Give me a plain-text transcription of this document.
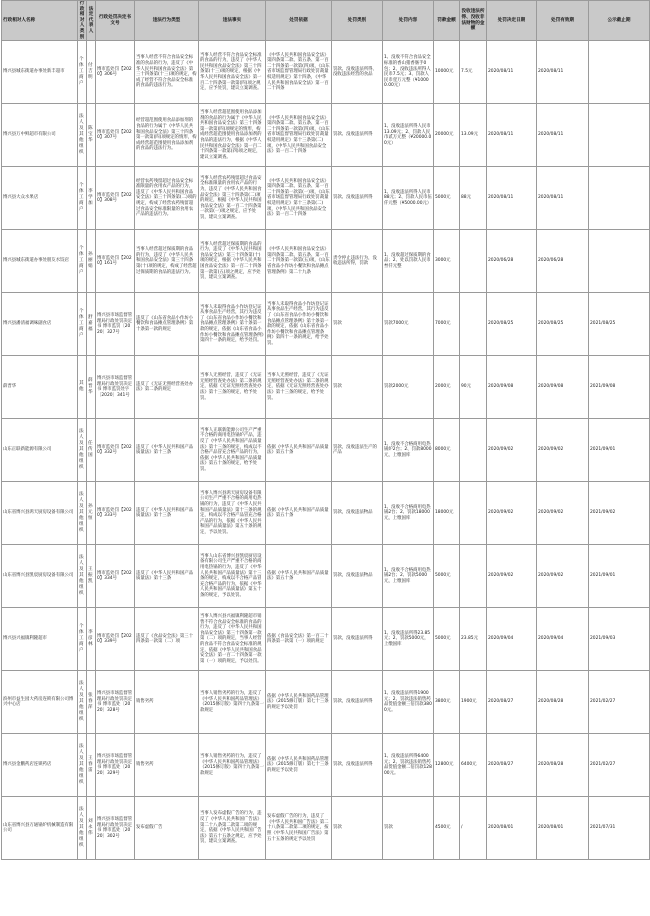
行政相对人名称	行政相对人类别	法定代表人	行政处罚决定书文号	违法行为类型	违法事实	处罚依据	处罚类别	处罚内容	罚款金额	没收违法所得、没收非法财物的金额	处罚决定日期	处罚有效期	公示截止期
博兴县城东街道办事处新丰超市	个体工商户	付吉明	博市监处罚【2020】306号	当事人经营不符合食品安全标准的食品的行为，违反了《中华人民共和国食品安全法》第三十四条第(十三)项的规定，构成了经营不符合食品安全标准的食品的违法行为。	当事人经营不符合食品安全标准的食品的行为，违反了《中华人民共和国食品安全法》第三十四条第(十三)项的规定，根据《中华人民共和国食品安全法》第一百二十四条第一款第(四)项之规定，应予处罚，建议立案调查。	《中华人民共和国食品安全法》第四条第二款、第五条、第一百二十四条第一款第(四)项，《山东省市场监督管理局行政处罚裁量权适用规定》第十四条，《中华人民共和国食品安全法》第一百二十四条	罚款、没收违法所得、没收违法经营的食品	1、没收不符合食品安全标准的香山猪香肠手0包；2、没收违法所得人民币7.5元；3、罚款人民币壹万元整（¥10000.00元）	10000元	7.5元	2020/08/11	2020/08/11	
博兴县万中鲜超市有限公司	法人及其他组织	陈宝华	博市监处罚【2020】307号	经营超范围使用食品添加剂的食品的行为属于《中华人民共和国食品安全法》第三十四条第一款第(四)项规定的情形，构成经营超范围使用食品添加剂的食品的违法行为。	当事人经营超范围使用食品添加剂的食品的行为属于《中华人民共和国食品安全法》第三十四条第一款第(四)项规定的情形，构成经营超范围使用食品添加剂的食品的违法行为，根据《中华人民共和国食品安全法》第一百二十四条第一款第(四)项之规定，建议立案调查。	《中华人民共和国食品安全法》第四条第二款、第五条、第一百二十四条第一款第(四)项，《山东省市场监督管理局行政处罚裁量权适用规定》第十三条第(二)项，《中华人民共和国食品安全法》第一百二十四条	罚款、没收违法所得	1、没收违法所得人民币13.09元；2、罚款人民币贰万元整（¥20000.00元）	20000元	13.09元	2020/08/11	2020/08/11	
博兴县大众水果店	个体工商户	李学加	博市监处罚【2020】308号	经营农药残留超过食品安全标准限量的食用农产品的行为，违反了《中华人民共和国食品安全法》第三十四条第(二)项的规定，构成了经营农药残留超过食品安全标准限量的食用农产品的违法行为。	当事人经营农药残留超过食品安全标准限量的食用农产品的行为，违反了《中华人民共和国食品安全法》第三十四条第(二)项的规定，根据《中华人民共和国食品安全法》第一百二十四条第一款第(一)项之规定，应予处罚，建议立案调查。	《中华人民共和国食品安全法》第四条第二款、第五条、第一百二十四条第一款第(一)项，《山东省市场监督管理局行政处罚裁量权适用规定》第十三条第(二)项，《中华人民共和国食品安全法》第一百二十四条	罚款、没收违法所得	1、没收违法所得人民币88元；2、罚款人民币伍仟元整（¥5000.00元）	5000元	88元	2020/08/11	2020/08/11	
博兴县城东街道办事处朋友水饺店	个体工商户	孙丽娟	博市监处罚【2020】161号	当事人经营超过保质期的食品的行为，违反了《中华人民共和国食品安全法》第三十四条第(十)项的规定，构成了经营超过保质期的食品的违法行为。	当事人经营超过保质期的食品的行为，违反了《中华人民共和国食品安全法》第三十四条第(十)项的规定，根据《中华人民共和国食品安全法》第一百二十四条第一款第(五)项之规定，应予处罚，建议立案调查。	《中华人民共和国食品安全法》第四条第二款、第五条、第一百二十四条第一款第(五)项，《山东省食品小作坊小餐饮和食品摊点管理条例》第二十九条	责令停止违法行为，没收违法所得，罚款	1、没收超过保质期的食品；2、处以罚款人民币叁仟元整	3000元		2020/06/28	2020/06/28	
博兴县潘清福调味副食店	个体工商户	舒嘉福	博兴县市场监督管理局行政处罚决定书 博市监罚〔2020〕327号	违反了《山东省食品小作坊小餐饮和食品摊点管理条例》第十条第一款的规定	当事人未取得食品小作坊登记证从事食品生产经营，其行为违反了《山东省食品小作坊小餐饮和食品摊点管理条例》第十条第一款的规定，依据《山东省食品小作坊小餐饮和食品摊点管理条例》第四十一条的规定，给予处罚。	当事人未取得食品小作坊登记证从事食品生产经营，其行为违反了《山东省食品小作坊小餐饮和食品摊点管理条例》第十条第一款的规定，依据《山东省食品小作坊小餐饮和食品摊点管理条例》第四十一条的规定，给予处罚。	罚款	罚款7000元	7000元		2020/08/25	2020/08/25	2021/08/25
薛晋华	其他	薛晋华	博兴县市场监督管理局行政处罚决定书 博市监罚处字〔2020〕341号	违反了《无证无照经营查处办法》第二条的规定	当事人无照经营，违反了《无证无照经营查处办法》第二条的规定，依据《无证无照经营查处办法》第十三条的规定，给予处罚。	当事人无照经营，违反了《无证无照经营查处办法》第二条的规定，依据《无证无照经营查处办法》第十三条的规定，给予处罚。	罚款	罚款2000元	2000元	90元	2020/09/08	2020/09/08	2021/09/08
山东正联新能源有限公司	法人及其他组织	任传国	博市监处罚【2020】332号	违反了《中华人民共和国产品质量法》第十三条	当事人正联新能源公司生产严重不合格的商用电热锅炉产品，违反了《中华人民共和国产品质量法》第十三条的规定，构成以不合格产品冒充合格产品的行为，依据《中华人民共和国产品质量法》第五十条的规定，给予处罚。	依据《中华人民共和国产品质量法》第五十条	罚款，没收违法生产的产品	1、没收不合格商用电热锅炉2台；2、罚款8000元，上缴国库	8000元		2020/09/02	2020/09/02	2021/09/01
山东省博兴县鸿天厨房设备有限公司	法人及其他组织	孙元恒	博市监处罚【2020】333号	违反了《中华人民共和国产品质量法》第十三条	当事人博兴县鸿天厨房设备有限公司生产严重不合格的商用电热锅的行为，违反了《中华人民共和国产品质量法》第十三条的规定，构成以不合格产品冒充合格产品的行为，依据《中华人民共和国产品质量法》第五十条的规定，予以处罚。	依据《中华人民共和国产品质量法》第五十条	罚款，没收违法物品	1、没收不合格商用电热锅2台；2、罚款18000元，上缴国库	18000元		2020/09/02	2020/09/02	2021/09/02
山东省博兴县凯宸厨房设备有限公司	法人及其他组织	王振凯	博市监处罚【2020】334号	违反了《中华人民共和国产品质量法》第十三条	当事人山东省博兴县凯宸厨房设备有限公司生产严重不合格的商用电热锅的行为，违反了《中华人民共和国产品质量法》第十三条的规定，构成以不合格产品冒充合格产品的行为，依据《中华人民共和国产品质量法》第五十条的规定，予以处罚。	依据《中华人民共和国产品质量法》第五十条	罚款，没收违法物品	1、没收不合格商用电热锅2台；2、罚款5000元，上缴国库	5000元		2020/09/02	2020/09/02	2021/09/01
博兴县兴福镇利隆超市	个体工商户	李彦林	博市监处罚【2020】339号	违反了《食品安全法》第三十四条第一款第（二）项	当事人博兴县兴福镇利隆超市销售不符合食品安全标准的食品的行为，违反了《中华人民共和国食品安全法》第三十四条第一款第（二）项的规定，当事人经营的食品不符合食品安全标准的规定，依据《中华人民共和国食品安全法》第一百二十四条第一款第（一）项的规定，予以处罚。	依据《食品安全法》第一百二十四条第一款第（一）项的规定	罚款，没收违法所得	1、没收违法所得23.85元；2、罚款5000元，上缴国库	5000元	23.85元	2020/09/04	2020/09/04	2021/09/03
滨州市益生园大药房连锁有限公司博兴中心店	法人及其他组织	张春萍	博兴县市场监督管理局行政处罚决定书 博市监处〔2020〕328号	销售劣药	当事人销售劣药的行为，违反了《中华人民共和国药品管理法》（2015修订版）第四十九条第一款规定	依据《中华人民共和国药品管理法》（2015修订版）第七十三条的规定予以处罚	罚款，没收违法所得	1、没收违法所得1900元；2、罚款违法销售药品货值金额三倍罚款3800元。	3800元	1900元	2020/08/27	2020/08/28	2021/02/27
博兴县金鹏药店连锁药店	法人及其他组织	王春雷	博兴县市场监督管理局行政处罚决定书 博市监处〔2020〕329号	销售劣药	当事人销售劣药的行为，违反了《中华人民共和国药品管理法》（2015修订版）第四十九条第一款规定	依据《中华人民共和国药品管理法》（2015修订版）第七十三条的规定予以处罚	罚款，没收违法所得	1、没收违法所得6400元；2、罚款违法销售药品货值金额二倍罚款12800元。	12800元	6400元	2020/08/27	2020/08/28	2021/02/27
山东省博兴县万通锅炉机械制造有限公司	法人及其他组织	刘永伟	博兴县市场监督管理局行政处罚决定书 博市监处〔2020〕302号	发布虚假广告	当事人发布虚假广告的行为，违反了《中华人民共和国广告法》第二十八条第二款第二项的规定，依据《中华人民共和国广告法》第五十五条之规定，应予处罚，建议立案调查。	发布虚假广告的行为，违反了《中华人民共和国广告法》第二十八条第二款第二项的规定，按照《中华人民共和国广告法》第五十五条的规定予以处罚	罚款	罚款	4500元	/	2020/08/01	2020/08/01	2021/07/31
